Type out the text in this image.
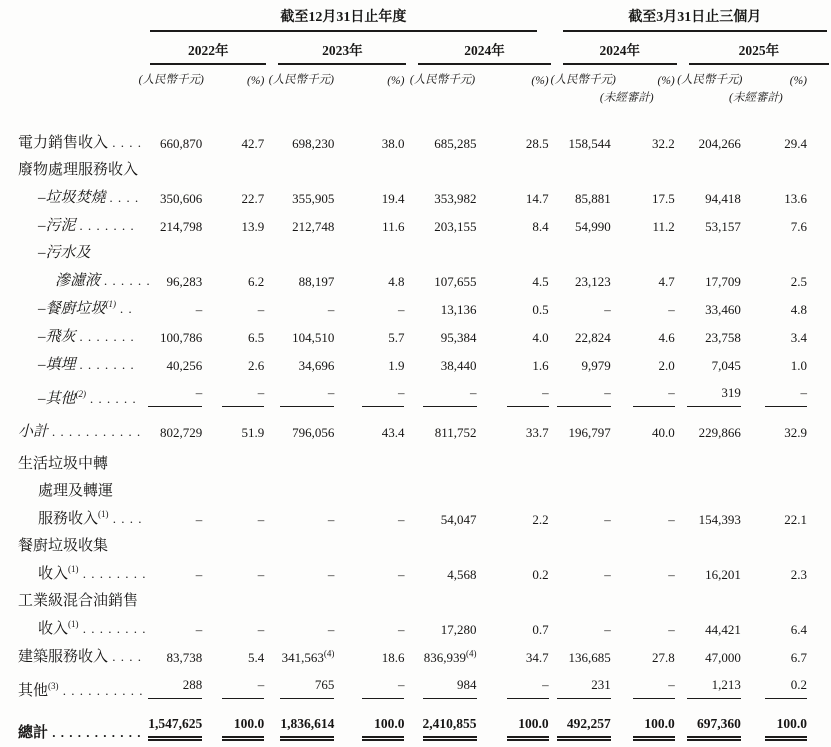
	截至12月31日止年度						截至3月31日止三個月			

	2022年		2023年		2024年		2024年		2025年	

	(人民幣千元)	(%)	(人民幣千元)	(%)	(人民幣千元)	(%)	(人民幣千元)	(%)	(人民幣千元)	(%)
							(未經審計)		(未經審計)	
電力銷售收入 . . . .	660,870	42.7	698,230	38.0	685,285	28.5	158,544	32.2	204,266	29.4
廢物處理服務收入										
–垃圾焚燒 . . . .	350,606	22.7	355,905	19.4	353,982	14.7	85,881	17.5	94,418	13.6
–污泥 . . . . . . .	214,798	13.9	212,748	11.6	203,155	8.4	54,990	11.2	53,157	7.6
–污水及										
滲濾液 . . . . . .	96,283	6.2	88,197	4.8	107,655	4.5	23,123	4.7	17,709	2.5
–餐廚垃圾$^{(1)}$ . .	–	–	–	–	13,136	0.5	–	–	33,460	4.8
–飛灰 . . . . . . .	100,786	6.5	104,510	5.7	95,384	4.0	22,824	4.6	23,758	3.4
–填埋 . . . . . . .	40,256	2.6	34,696	1.9	38,440	1.6	9,979	2.0	7,045	1.0
–其他$^{(2)}$ . . . . . .	–	–	–	–	–	–	–	–	319	–
小計 . . . . . . . . . . .	802,729	51.9	796,056	43.4	811,752	33.7	196,797	40.0	229,866	32.9
生活垃圾中轉										
處理及轉運										
服務收入$^{(1)}$ . . . .	–	–	–	–	54,047	2.2	–	–	154,393	22.1
餐廚垃圾收集										
收入$^{(1)}$ . . . . . . . .	–	–	–	–	4,568	0.2	–	–	16,201	2.3
工業級混合油銷售										
收入$^{(1)}$ . . . . . . . .	–	–	–	–	17,280	0.7	–	–	44,421	6.4
建築服務收入 . . . .	83,738	5.4	341,563$^{(4)}$	18.6	836,939$^{(4)}$	34.7	136,685	27.8	47,000	6.7
其他$^{(3)}$ . . . . . . . . . .	288	–	765	–	984	–	231	–	1,213	0.2
總計 . . . . . . . . . . .	1,547,625	100.0	1,836,614	100.0	2,410,855	100.0	492,257	100.0	697,360	100.0
